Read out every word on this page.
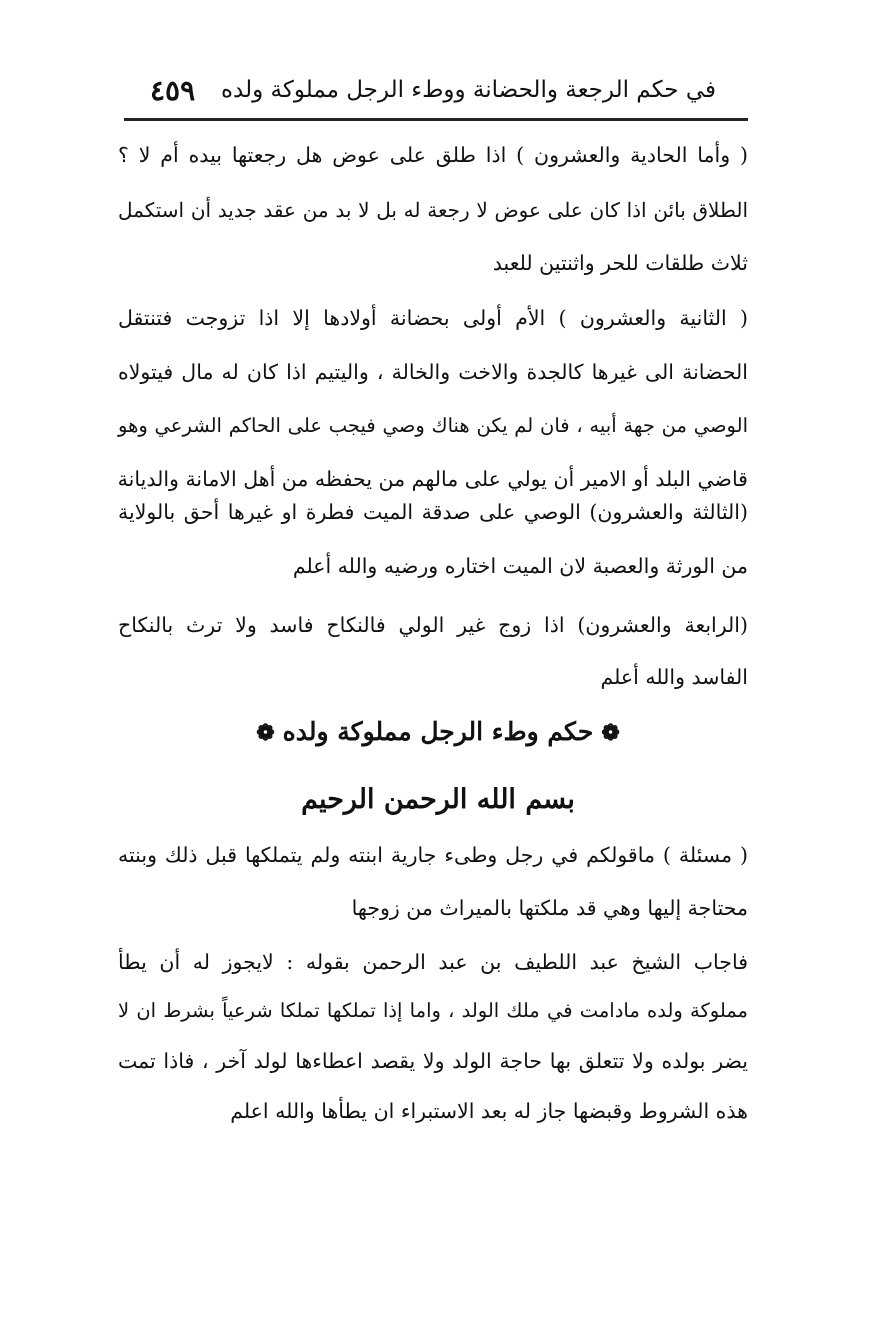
في حكم الرجعة والحضانة ووطء الرجل مملوكة ولده
٤٥٩
( وأما الحادية والعشرون ) اذا طلق على عوض هل رجعتها بيده أم لا ؟
الطلاق بائن اذا كان على عوض لا رجعة له بل لا بد من عقد جديد أن استكمل
ثلاث طلقات للحر واثنتين للعبد
( الثانية والعشرون ) الأم أولى بحضانة أولادها إلا اذا تزوجت فتنتقل
الحضانة الى غيرها كالجدة والاخت والخالة ، واليتيم اذا كان له مال فيتولاه
الوصي من جهة أبيه ، فان لم يكن هناك وصي فيجب على الحاكم الشرعي وهو
قاضي البلد أو الامير أن يولي على مالهم من يحفظه من أهل الامانة والديانة
(الثالثة والعشرون) الوصي على صدقة الميت فطرة او غيرها أحق بالولاية
من الورثة والعصبة لان الميت اختاره ورضيه والله أعلم
(الرابعة والعشرون) اذا زوج غير الولي فالنكاح فاسد ولا ترث بالنكاح
الفاسد والله أعلم
❁حكم وطء الرجل مملوكة ولده❁
بسم الله الرحمن الرحيم
( مسئلة ) ماقولكم في رجل وطىء جارية ابنته ولم يتملكها قبل ذلك وبنته
محتاجة إليها وهي قد ملكتها بالميراث من زوجها
فاجاب الشيخ عبد اللطيف بن عبد الرحمن بقوله : لايجوز له أن يطأ
مملوكة ولده مادامت في ملك الولد ، واما إذا تملكها تملكا شرعياً بشرط ان لا
يضر بولده ولا تتعلق بها حاجة الولد ولا يقصد اعطاءها لولد آخر ، فاذا تمت
هذه الشروط وقبضها جاز له بعد الاستبراء ان يطأها والله اعلم
